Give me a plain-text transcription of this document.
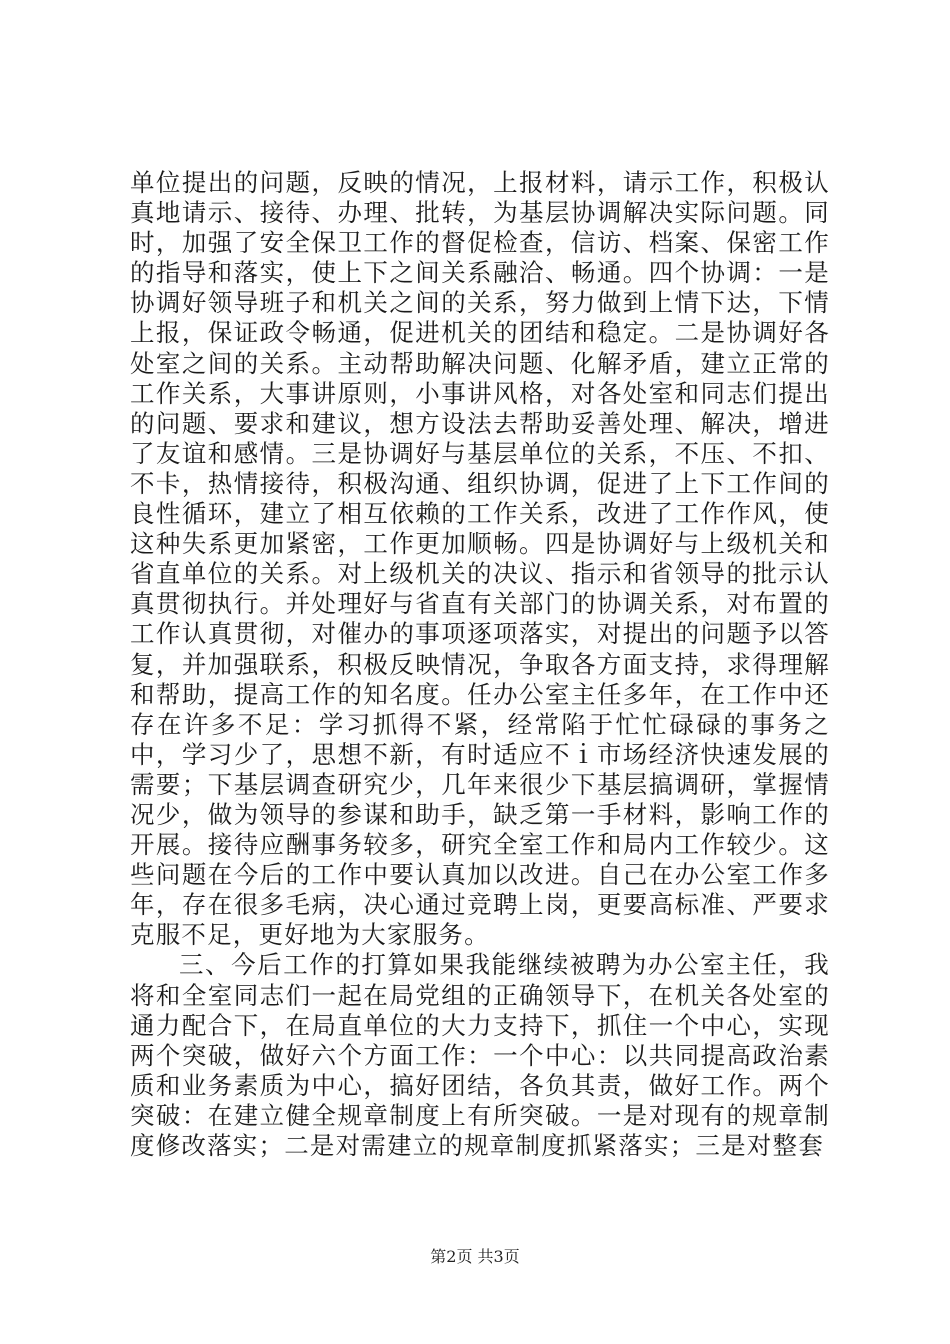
单位提出的问题，反映的情况，上报材料，请示工作，积极认真地请示、接待、办理、批转，为基层协调解决实际问题。同时，加强了安全保卫工作的督促检查，信访、档案、保密工作的指导和落实，使上下之间关系融洽、畅通。四个协调：一是协调好领导班子和机关之间的关系，努力做到上情下达，下情上报，保证政令畅通，促进机关的团结和稳定。二是协调好各处室之间的关系。主动帮助解决问题、化解矛盾，建立正常的工作关系，大事讲原则，小事讲风格，对各处室和同志们提出的问题、要求和建议，想方设法去帮助妥善处理、解决，增进了友谊和感情。三是协调好与基层单位的关系，不压、不扣、不卡，热情接待，积极沟通、组织协调，促进了上下工作间的良性循环，建立了相互依赖的工作关系，改进了工作作风，使这种失系更加紧密，工作更加顺畅。四是协调好与上级机关和省直单位的关系。对上级机关的决议、指示和省领导的批示认真贯彻执行。并处理好与省直有关部门的协调关系，对布置的工作认真贯彻，对催办的事项逐项落实，对提出的问题予以答复，并加强联系，积极反映情况，争取各方面支持，求得理解和帮助，提高工作的知名度。任办公室主任多年，在工作中还存在许多不足：学习抓得不紧，经常陷于忙忙碌碌的事务之中，学习少了，思想不新，有时适应不ｉ市场经济快速发展的需要；下基层调查研究少，几年来很少下基层搞调研，掌握情况少，做为领导的参谋和助手，缺乏第一手材料，影响工作的开展。接待应酬事务较多，研究全室工作和局内工作较少。这些问题在今后的工作中要认真加以改进。自己在办公室工作多年，存在很多毛病，决心通过竞聘上岗，更要高标准、严要求克服不足，更好地为大家服务。

三、今后工作的打算如果我能继续被聘为办公室主任，我将和全室同志们一起在局党组的正确领导下，在机关各处室的通力配合下，在局直单位的大力支持下，抓住一个中心，实现两个突破，做好六个方面工作：一个中心：以共同提高政治素质和业务素质为中心，搞好团结，各负其责，做好工作。两个突破：在建立健全规章制度上有所突破。一是对现有的规章制度修改落实；二是对需建立的规章制度抓紧落实；三是对整套

第2页 共3页
